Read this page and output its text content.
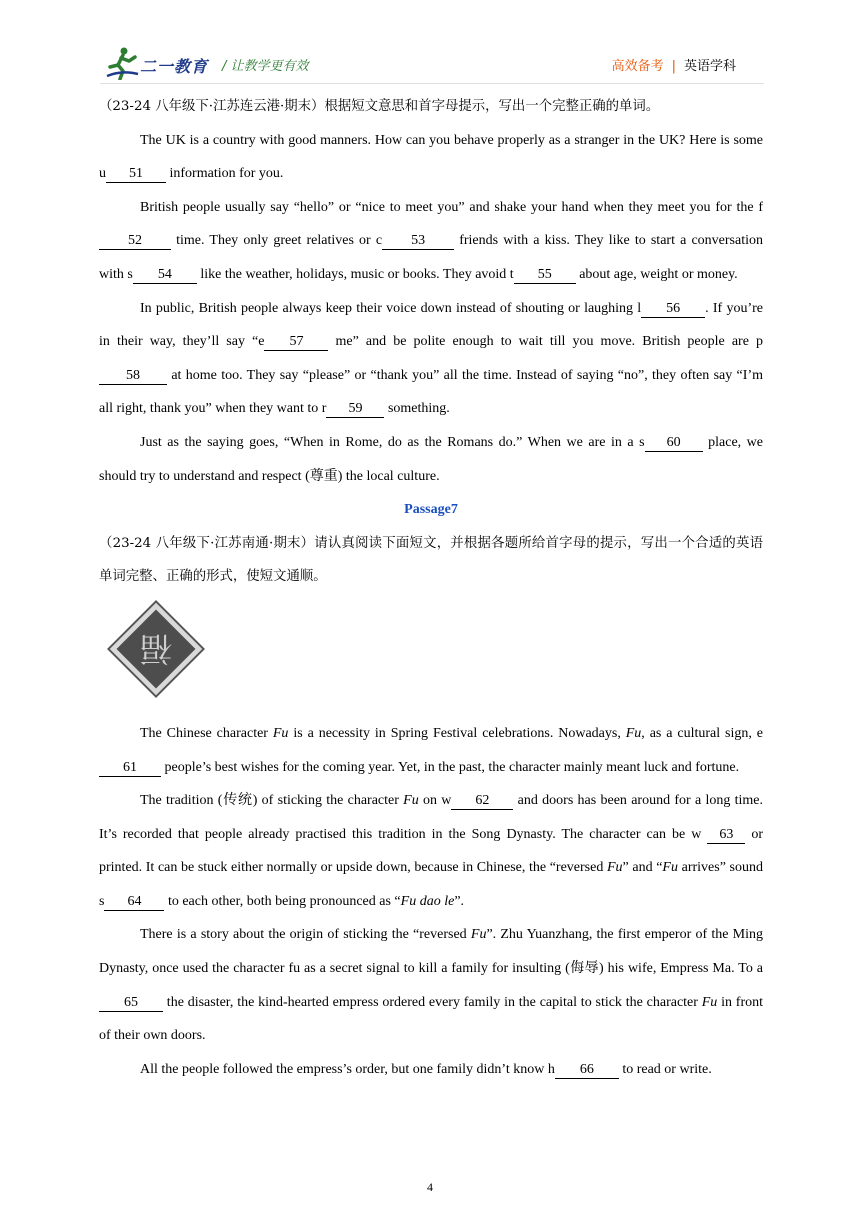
二一教育 / 让教学更有效	高效备考 | 英语学科

（23-24 八年级下·江苏连云港·期末）根据短文意思和首字母提示，写出一个完整正确的单词。

The UK is a country with good manners. How can you behave properly as a stranger in the UK? Here is some u 51 information for you.

British people usually say “hello” or “nice to meet you” and shake your hand when they meet you for the f52 time. They only greet relatives or c 53 friends with a kiss. They like to start a conversation with s 54 like the weather, holidays, music or books. They avoid t 55 about age, weight or money.

In public, British people always keep their voice down instead of shouting or laughing l 56 . If you’re in their way, they’ll say “e 57 me” and be polite enough to wait till you move. British people are p58 at home too. They say “please” or “thank you” all the time. Instead of saying “no”, they often say “I’m all right, thank you” when they want to r 59 something.

Just as the saying goes, “When in Rome, do as the Romans do.” When we are in a s 60 place, we should try to understand and respect (尊重) the local culture.

Passage7

（23-24 八年级下·江苏南通·期末）请认真阅读下面短文，并根据各题所给首字母的提示，写出一个合适的英语单词完整、正确的形式，使短文通顺。

福

The Chinese character Fu is a necessity in Spring Festival celebrations. Nowadays, Fu, as a cultural sign, e61 people’s best wishes for the coming year. Yet, in the past, the character mainly meant luck and fortune.

The tradition (传统) of sticking the character Fu on w 62 and doors has been around for a long time. It’s recorded that people already practised this tradition in the Song Dynasty. The character can be w 63 or printed. It can be stuck either normally or upside down, because in Chinese, the “reversed Fu” and “Fu arrives” sound s 64 to each other, both being pronounced as “Fu dao le”.

There is a story about the origin of sticking the “reversed Fu”. Zhu Yuanzhang, the first emperor of the Ming Dynasty, once used the character fu as a secret signal to kill a family for insulting (侮辱) his wife, Empress Ma. To a65 the disaster, the kind-hearted empress ordered every family in the capital to stick the character Fu in front of their own doors.

All the people followed the empress’s order, but one family didn’t know h 66 to read or write.

4
